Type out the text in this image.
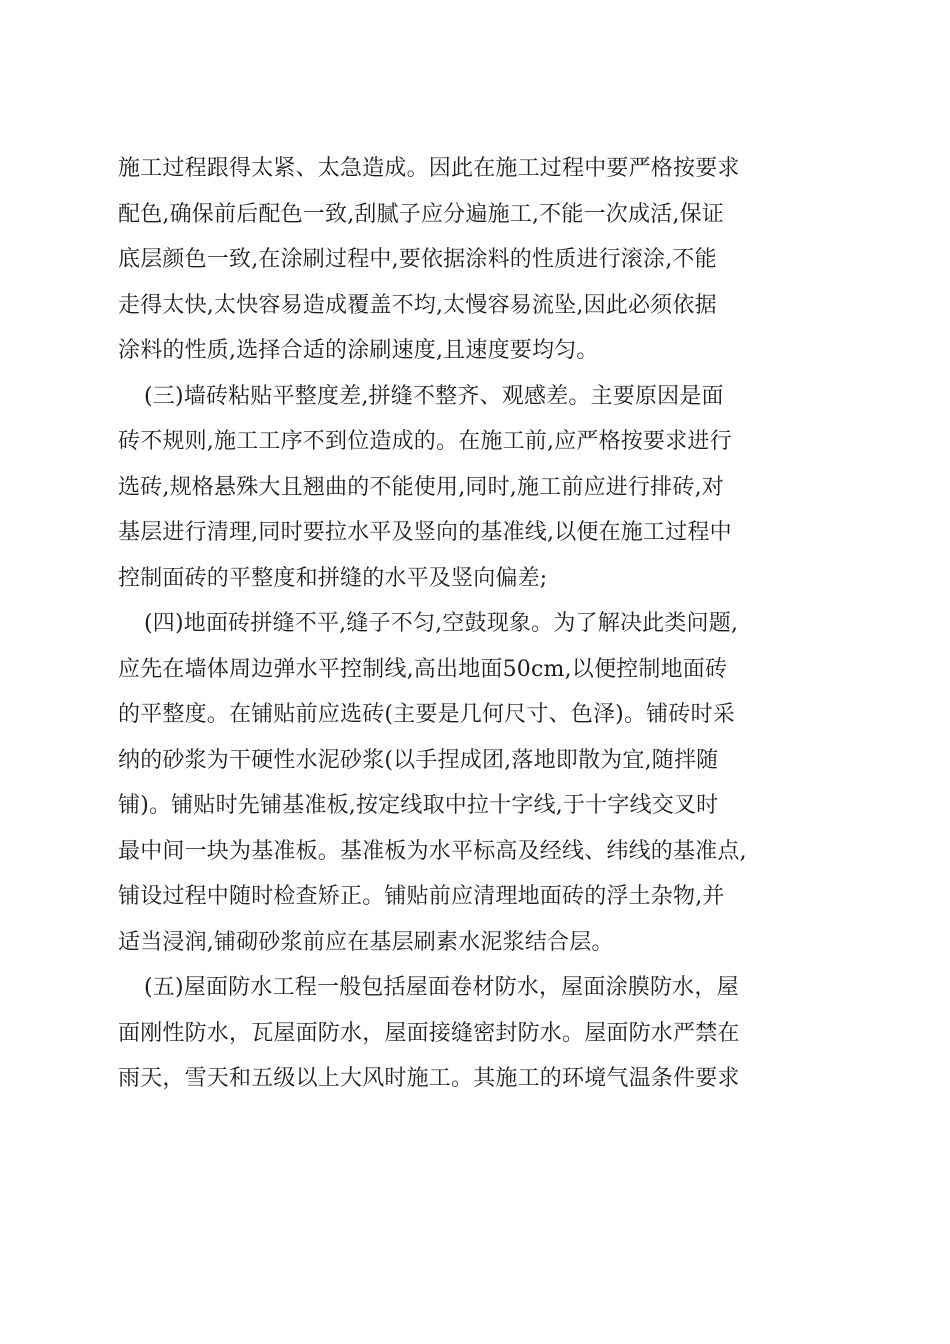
施工过程跟得太紧、太急造成。因此在施工过程中要严格按要求
配色,确保前后配色一致,刮腻子应分遍施工,不能一次成活,保证
底层颜色一致,在涂刷过程中,要依据涂料的性质进行滚涂,不能
走得太快,太快容易造成覆盖不均,太慢容易流坠,因此必须依据
涂料的性质,选择合适的涂刷速度,且速度要均匀。
(三)墙砖粘贴平整度差,拼缝不整齐、观感差。主要原因是面
砖不规则,施工工序不到位造成的。在施工前,应严格按要求进行
选砖,规格悬殊大且翘曲的不能使用,同时,施工前应进行排砖,对
基层进行清理,同时要拉水平及竖向的基准线,以便在施工过程中
控制面砖的平整度和拼缝的水平及竖向偏差;
(四)地面砖拼缝不平,缝子不匀,空鼓现象。为了解决此类问题,
应先在墙体周边弹水平控制线,高出地面50cm,以便控制地面砖
的平整度。在铺贴前应选砖(主要是几何尺寸、色泽)。铺砖时采
纳的砂浆为干硬性水泥砂浆(以手捏成团,落地即散为宜,随拌随
铺)。铺贴时先铺基准板,按定线取中拉十字线,于十字线交叉时
最中间一块为基准板。基准板为水平标高及经线、纬线的基准点,
铺设过程中随时检查矫正。铺贴前应清理地面砖的浮土杂物,并
适当浸润,铺砌砂浆前应在基层刷素水泥浆结合层。
(五)屋面防水工程一般包括屋面卷材防水，屋面涂膜防水，屋
面刚性防水，瓦屋面防水，屋面接缝密封防水。屋面防水严禁在
雨天，雪天和五级以上大风时施工。其施工的环境气温条件要求
